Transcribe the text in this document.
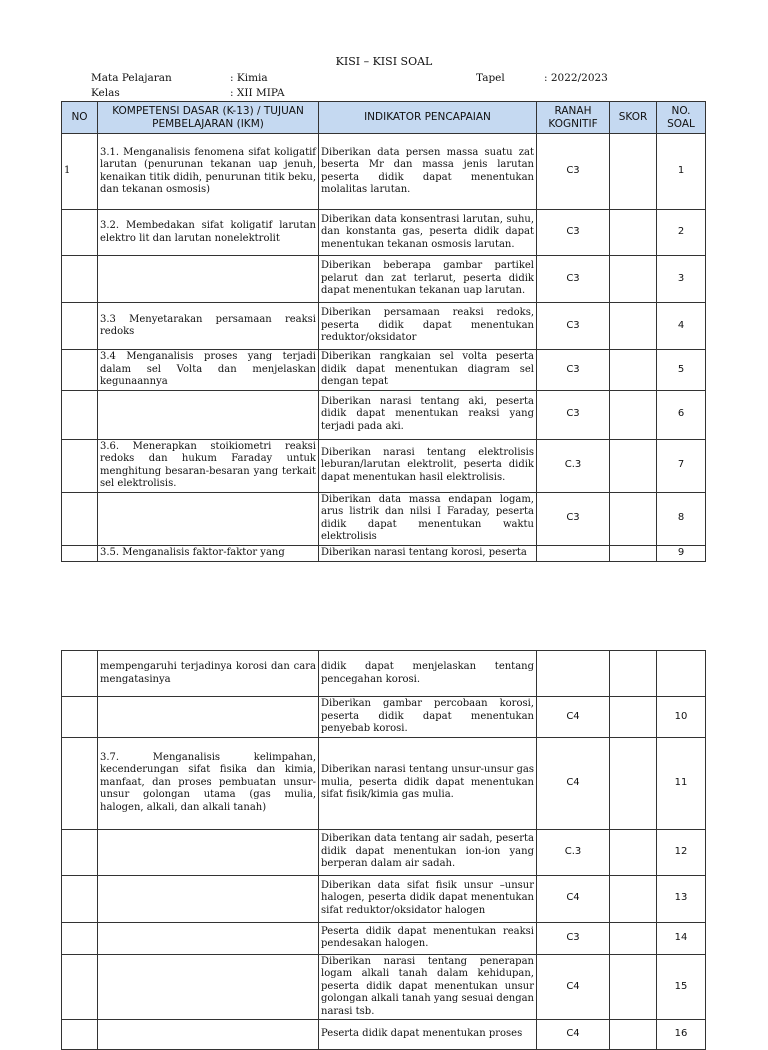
KISI – KISI SOAL
Mata Pelajaran	: Kimia
Kelas	: XII MIPA
Tapel	: 2022/2023
NO	KOMPETENSI DASAR (K-13) / TUJUAN PEMBELAJARAN (IKM)	INDIKATOR PENCAPAIAN	RANAH KOGNITIF	SKOR	NO. SOAL
1	3.1. Menganalisis fenomena sifat koligatif larutan (penurunan tekanan uap jenuh, kenaikan titik didih, penurunan titik beku, dan tekanan osmosis)	Diberikan data persen massa suatu zat beserta Mr dan massa jenis larutan peserta didik dapat menentukan molalitas larutan.	C3		1
	3.2. Membedakan sifat koligatif larutan elektro lit dan larutan nonelektrolit	Diberikan data konsentrasi larutan, suhu, dan konstanta gas, peserta didik dapat menentukan tekanan osmosis larutan.	C3		2
		Diberikan beberapa gambar partikel pelarut dan zat terlarut, peserta didik dapat menentukan tekanan uap larutan.	C3		3
	3.3 Menyetarakan persamaan reaksi redoks	Diberikan persamaan reaksi redoks, peserta didik dapat menentukan reduktor/oksidator	C3		4
	3.4 Menganalisis proses yang terjadi dalam sel Volta dan menjelaskan kegunaannya	Diberikan rangkaian sel volta peserta didik dapat menentukan diagram sel dengan tepat	C3		5
		Diberikan narasi tentang aki, peserta didik dapat menentukan reaksi yang terjadi pada aki.	C3		6
	3.6. Menerapkan stoikiometri reaksi redoks dan hukum Faraday untuk menghitung besaran-besaran yang terkait sel elektrolisis.	Diberikan narasi tentang elektrolisis leburan/larutan elektrolit, peserta didik dapat menentukan hasil elektrolisis.	C.3		7
		Diberikan data massa endapan logam, arus listrik dan nilsi I Faraday, peserta didik dapat menentukan waktu elektrolisis	C3		8
	3.5. Menganalisis faktor-faktor yang	Diberikan narasi tentang korosi, peserta			9
	mempengaruhi terjadinya korosi dan cara mengatasinya	didik dapat menjelaskan tentang pencegahan korosi.			
		Diberikan gambar percobaan korosi, peserta didik dapat menentukan penyebab korosi.	C4		10
	3.7. Menganalisis kelimpahan, kecenderungan sifat fisika dan kimia, manfaat, dan proses pembuatan unsur-unsur golongan utama (gas mulia, halogen, alkali, dan alkali tanah)	Diberikan narasi tentang unsur-unsur gas mulia, peserta didik dapat menentukan sifat fisik/kimia gas mulia.	C4		11
		Diberikan data tentang air sadah, peserta didik dapat menentukan ion-ion yang berperan dalam air sadah.	C.3		12
		Diberikan data sifat fisik unsur –unsur halogen, peserta didik dapat menentukan sifat reduktor/oksidator halogen	C4		13
		Peserta didik dapat menentukan reaksi pendesakan halogen.	C3		14
		Diberikan narasi tentang penerapan logam alkali tanah dalam kehidupan, peserta didik dapat menentukan unsur golongan alkali tanah yang sesuai dengan narasi tsb.	C4		15
		Peserta didik dapat menentukan proses	C4		16
